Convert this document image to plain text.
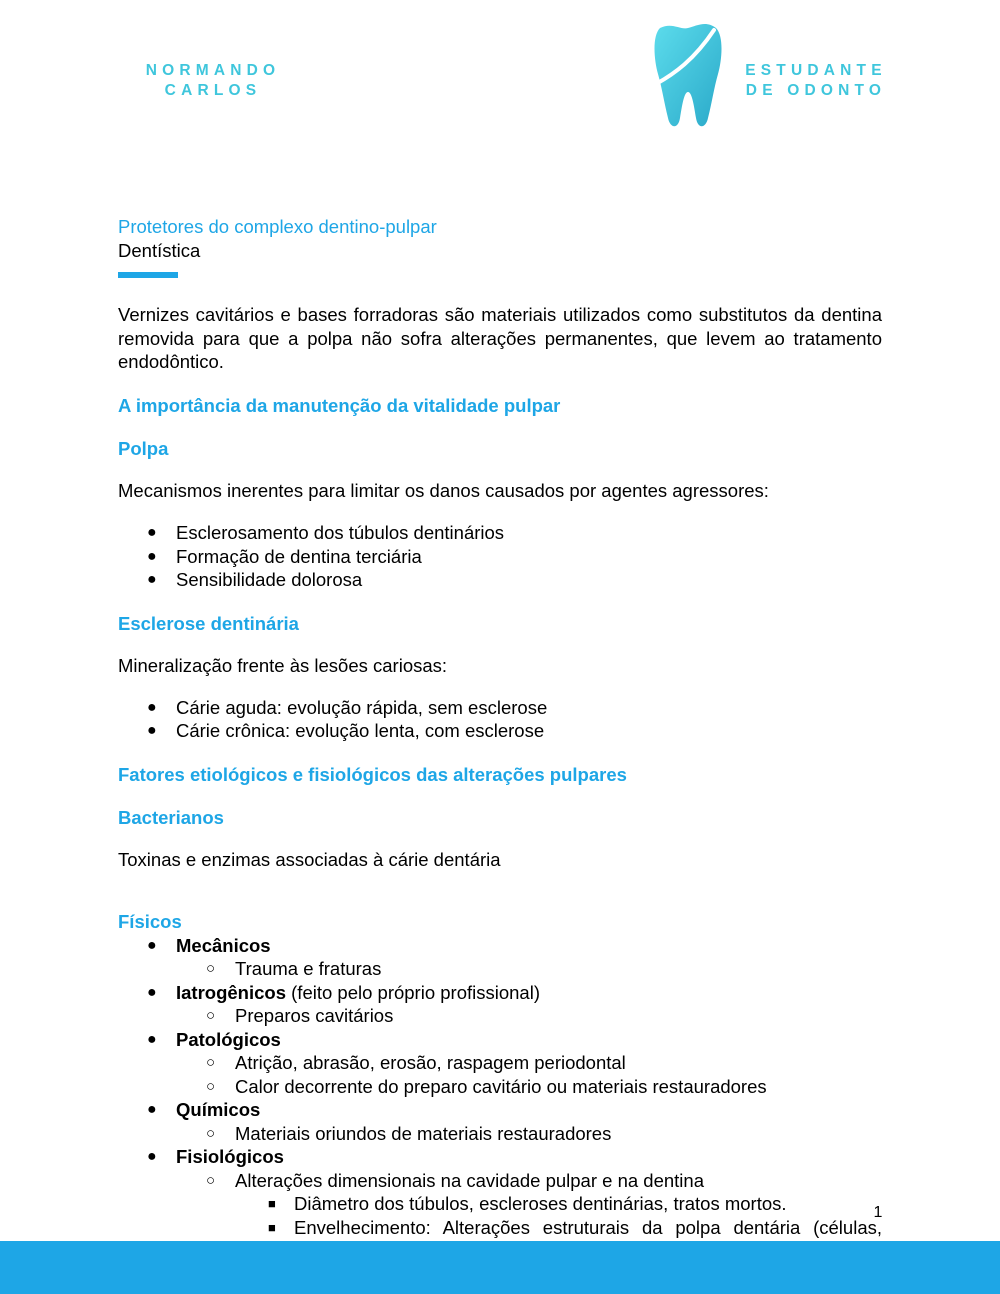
NORMANDO
CARLOS
ESTUDANTE
DE ODONTO
Protetores do complexo dentino-pulpar
Dentística

Vernizes cavitários e bases forradoras são materiais utilizados como substitutos da dentina removida para que a polpa não sofra alterações permanentes, que levem ao tratamento endodôntico.

A importância da manutenção da vitalidade pulpar

Polpa

Mecanismos inerentes para limitar os danos causados por agentes agressores:

● Esclerosamento dos túbulos dentinários
● Formação de dentina terciária
● Sensibilidade dolorosa

Esclerose dentinária

Mineralização frente às lesões cariosas:

● Cárie aguda: evolução rápida, sem esclerose
● Cárie crônica: evolução lenta, com esclerose

Fatores etiológicos e fisiológicos das alterações pulpares

Bacterianos

Toxinas e enzimas associadas à cárie dentária

Físicos

● Mecânicos
○ Trauma e fraturas
● Iatrogênicos (feito pelo próprio profissional)
○ Preparos cavitários
● Patológicos
○ Atrição, abrasão, erosão, raspagem periodontal
○ Calor decorrente do preparo cavitário ou materiais restauradores
● Químicos
○ Materiais oriundos de materiais restauradores
● Fisiológicos
○ Alterações dimensionais na cavidade pulpar e na dentina
■ Diâmetro dos túbulos, escleroses dentinárias, tratos mortos.
■ Envelhecimento: Alterações estruturais da polpa dentária (células,
1
